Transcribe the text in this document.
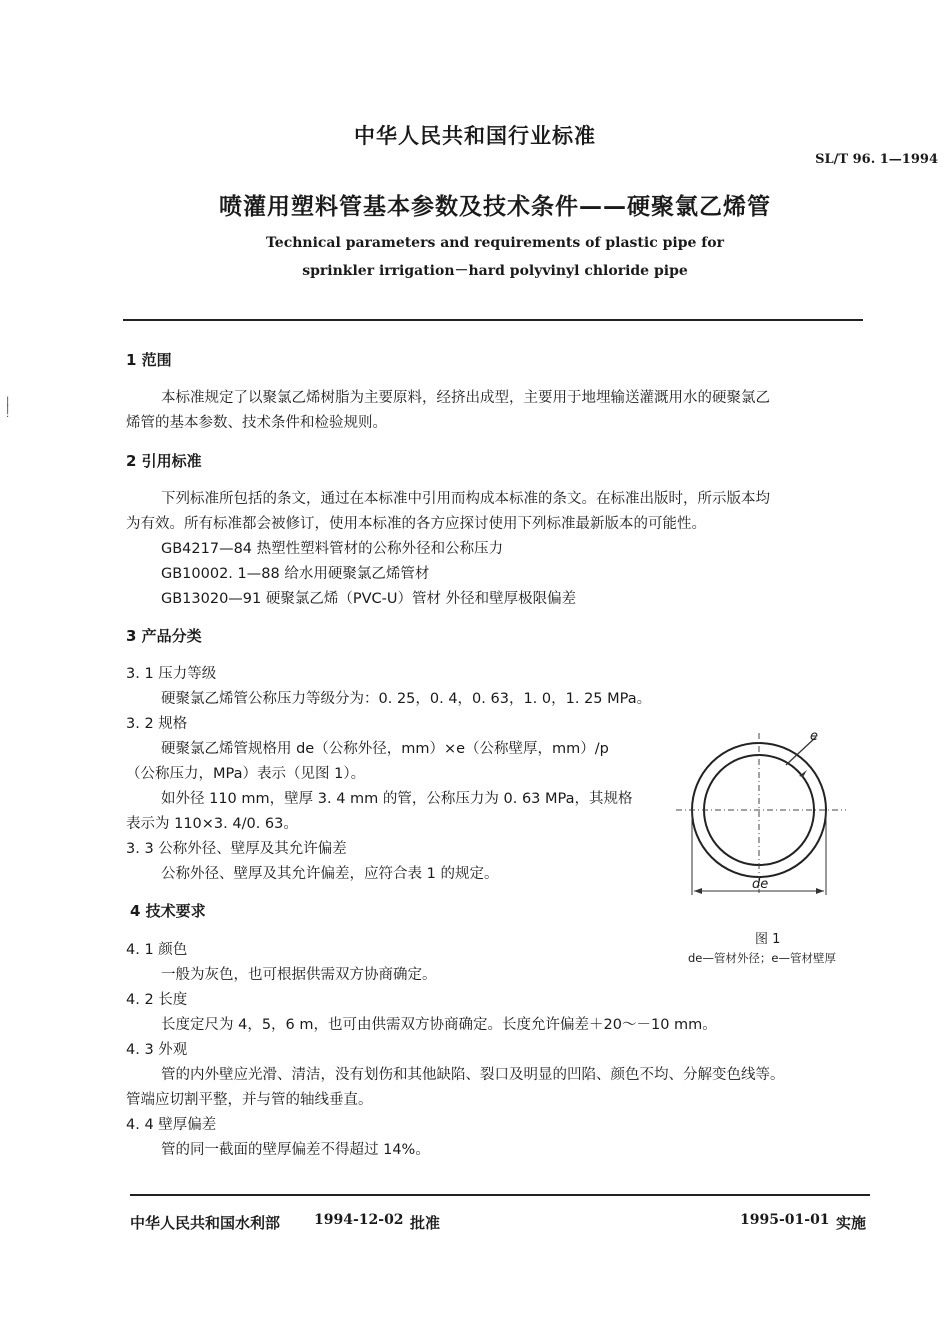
中华人民共和国行业标准
SL/T 96. 1—1994
喷灌用塑料管基本参数及技术条件——硬聚氯乙烯管
Technical parameters and requirements of plastic pipe for
sprinkler irrigation－hard polyvinyl chloride pipe
|
|
·
1 范围
本标准规定了以聚氯乙烯树脂为主要原料，经挤出成型，主要用于地埋输送灌溉用水的硬聚氯乙
烯管的基本参数、技术条件和检验规则。
2 引用标准
下列标准所包括的条文，通过在本标准中引用而构成本标准的条文。在标准出版时，所示版本均
为有效。所有标准都会被修订，使用本标准的各方应探讨使用下列标准最新版本的可能性。
GB4217—84 热塑性塑料管材的公称外径和公称压力
GB10002. 1—88 给水用硬聚氯乙烯管材
GB13020—91 硬聚氯乙烯（PVC-U）管材 外径和壁厚极限偏差
3 产品分类
3. 1 压力等级
硬聚氯乙烯管公称压力等级分为：0. 25，0. 4，0. 63，1. 0，1. 25 MPa。
3. 2 规格
硬聚氯乙烯管规格用 de（公称外径，mm）×e（公称壁厚，mm）/p
（公称压力，MPa）表示（见图 1）。
如外径 110 mm，壁厚 3. 4 mm 的管，公称压力为 0. 63 MPa，其规格
表示为 110×3. 4/0. 63。
3. 3 公称外径、壁厚及其允许偏差
公称外径、壁厚及其允许偏差，应符合表 1 的规定。
e
de
图 1
de—管材外径；e—管材壁厚
4 技术要求
4. 1 颜色
一般为灰色，也可根据供需双方协商确定。
4. 2 长度
长度定尺为 4，5，6 m，也可由供需双方协商确定。长度允许偏差＋20～－10 mm。
4. 3 外观
管的内外壁应光滑、清洁，没有划伤和其他缺陷、裂口及明显的凹陷、颜色不均、分解变色线等。
管端应切割平整，并与管的轴线垂直。
4. 4 壁厚偏差
管的同一截面的壁厚偏差不得超过 14%。
中华人民共和国水利部 1994-12-02 批准	1995-01-01 实施
